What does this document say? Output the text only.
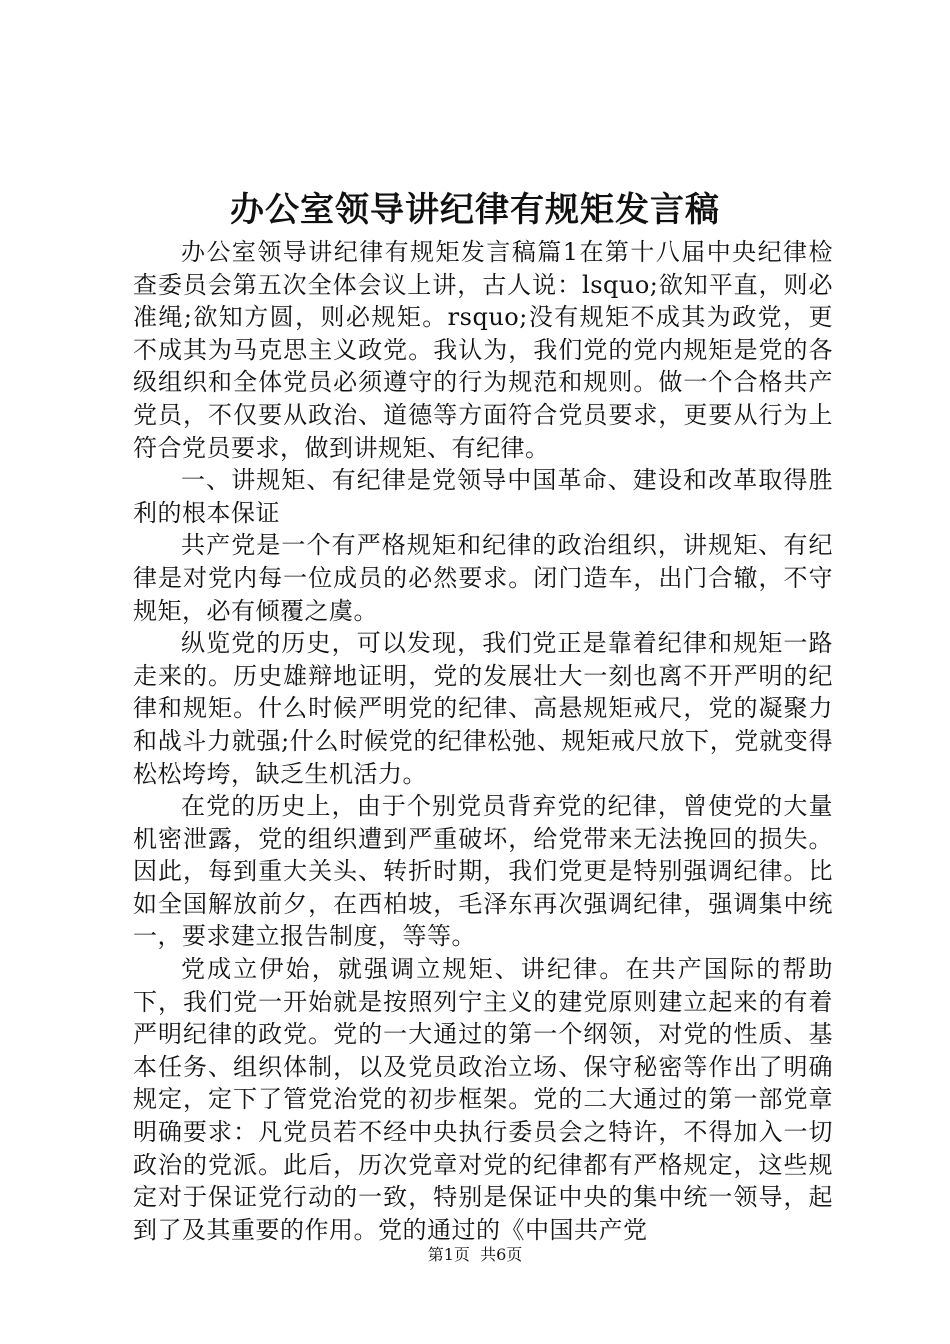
办公室领导讲纪律有规矩发言稿

办公室领导讲纪律有规矩发言稿篇1在第十八届中央纪律检查委员会第五次全体会议上讲，古人说：lsquo;欲知平直，则必准绳;欲知方圆，则必规矩。rsquo;没有规矩不成其为政党，更不成其为马克思主义政党。我认为，我们党的党内规矩是党的各级组织和全体党员必须遵守的行为规范和规则。做一个合格共产党员，不仅要从政治、道德等方面符合党员要求，更要从行为上符合党员要求，做到讲规矩、有纪律。

一、讲规矩、有纪律是党领导中国革命、建设和改革取得胜利的根本保证

共产党是一个有严格规矩和纪律的政治组织，讲规矩、有纪律是对党内每一位成员的必然要求。闭门造车，出门合辙，不守规矩，必有倾覆之虞。

纵览党的历史，可以发现，我们党正是靠着纪律和规矩一路走来的。历史雄辩地证明，党的发展壮大一刻也离不开严明的纪律和规矩。什么时候严明党的纪律、高悬规矩戒尺，党的凝聚力和战斗力就强;什么时候党的纪律松弛、规矩戒尺放下，党就变得松松垮垮，缺乏生机活力。

在党的历史上，由于个别党员背弃党的纪律，曾使党的大量机密泄露，党的组织遭到严重破坏，给党带来无法挽回的损失。因此，每到重大关头、转折时期，我们党更是特别强调纪律。比如全国解放前夕，在西柏坡，毛泽东再次强调纪律，强调集中统一，要求建立报告制度，等等。

党成立伊始，就强调立规矩、讲纪律。在共产国际的帮助下，我们党一开始就是按照列宁主义的建党原则建立起来的有着严明纪律的政党。党的一大通过的第一个纲领，对党的性质、基本任务、组织体制，以及党员政治立场、保守秘密等作出了明确规定，定下了管党治党的初步框架。党的二大通过的第一部党章明确要求：凡党员若不经中央执行委员会之特许，不得加入一切政治的党派。此后，历次党章对党的纪律都有严格规定，这些规定对于保证党行动的一致，特别是保证中央的集中统一领导，起到了及其重要的作用。党的通过的《中国共产党

第1页  共6页
